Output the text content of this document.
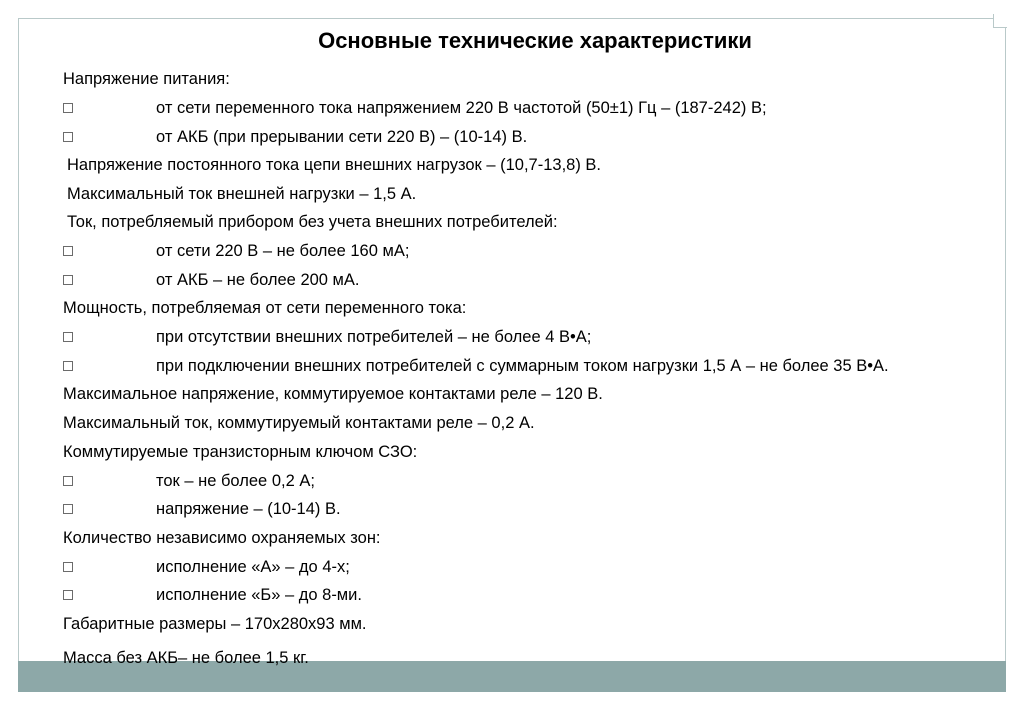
Основные технические характеристики
Напряжение питания:
от сети переменного тока напряжением 220 В частотой (50±1) Гц – (187-242) В;
от АКБ (при прерывании сети 220 В) – (10-14) В.
Напряжение постоянного тока цепи внешних нагрузок – (10,7-13,8) В.
Максимальный ток внешней нагрузки – 1,5 А.
Ток, потребляемый прибором без учета внешних потребителей:
от сети 220 В – не более 160 мА;
от АКБ – не более 200 мА.
Мощность, потребляемая от сети переменного тока:
при отсутствии внешних потребителей – не более 4 В•А;
при подключении внешних потребителей с суммарным током нагрузки 1,5 А – не более 35 В•А.
Максимальное напряжение, коммутируемое контактами реле – 120 В.
Максимальный ток, коммутируемый контактами реле – 0,2 А.
Коммутируемые транзисторным ключом СЗО:
ток – не более 0,2 А;
напряжение – (10-14) В.
Количество независимо охраняемых зон:
исполнение «А» – до 4-х;
исполнение «Б» – до 8-ми.
Габаритные размеры – 170x280x93 мм.
Масса без АКБ– не более 1,5 кг.
